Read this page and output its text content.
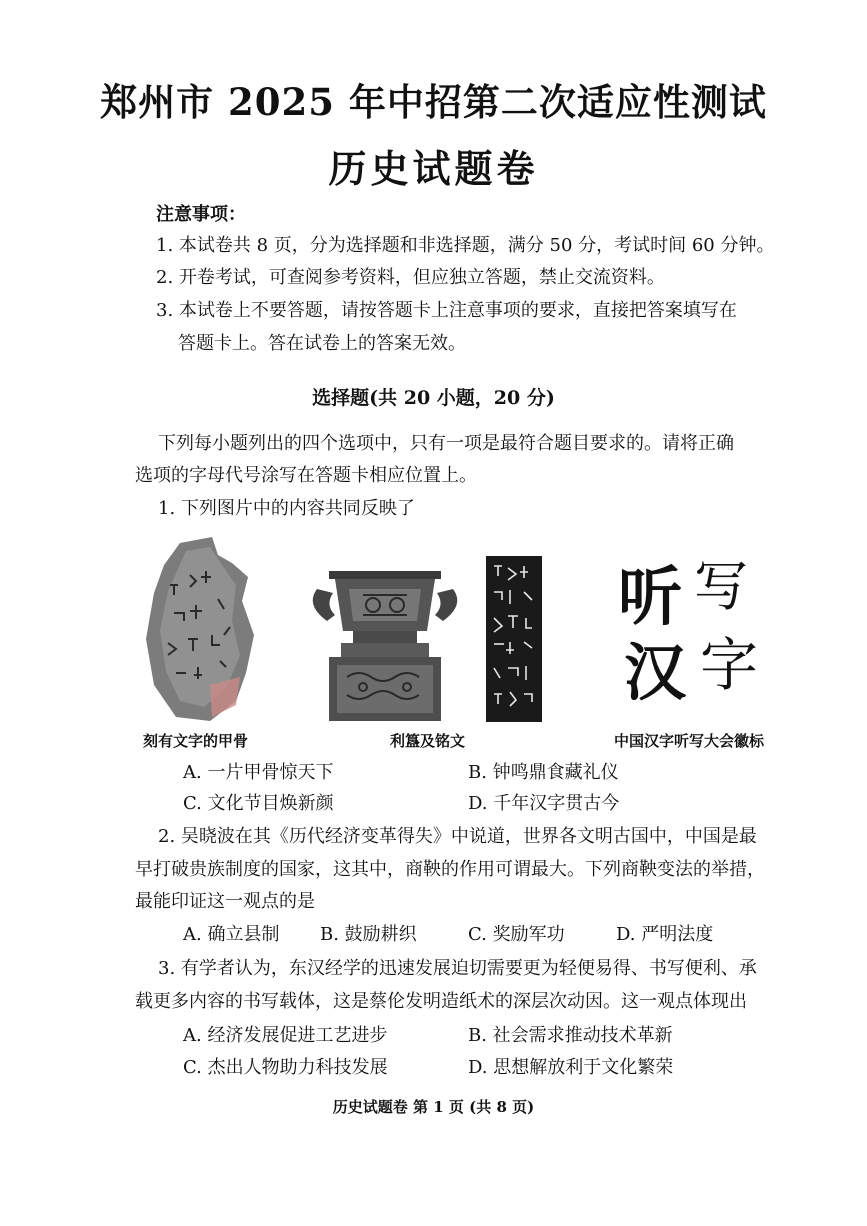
郑州市 2025 年中招第二次适应性测试
历史试题卷
注意事项：
1. 本试卷共 8 页，分为选择题和非选择题，满分 50 分，考试时间 60 分钟。
2. 开卷考试，可查阅参考资料，但应独立答题，禁止交流资料。
3. 本试卷上不要答题，请按答题卡上注意事项的要求，直接把答案填写在
答题卡上。答在试卷上的答案无效。
选择题(共 20 小题，20 分)
下列每小题列出的四个选项中，只有一项是最符合题目要求的。请将正确
选项的字母代号涂写在答题卡相应位置上。
1. 下列图片中的内容共同反映了
刻有文字的甲骨	利簋及铭文
听 写
汉 字
中国汉字听写大会徽标
A. 一片甲骨惊天下	B. 钟鸣鼎食藏礼仪
C. 文化节目焕新颜	D. 千年汉字贯古今
2. 吴晓波在其《历代经济变革得失》中说道，世界各文明古国中，中国是最
早打破贵族制度的国家，这其中，商鞅的作用可谓最大。下列商鞅变法的举措，
最能印证这一观点的是
A. 确立县制 B. 鼓励耕织	C. 奖励军功	D. 严明法度
3. 有学者认为，东汉经学的迅速发展迫切需要更为轻便易得、书写便利、承
载更多内容的书写载体，这是蔡伦发明造纸术的深层次动因。这一观点体现出
A. 经济发展促进工艺进步	B. 社会需求推动技术革新
C. 杰出人物助力科技发展	D. 思想解放利于文化繁荣
历史试题卷 第 1 页 (共 8 页)
